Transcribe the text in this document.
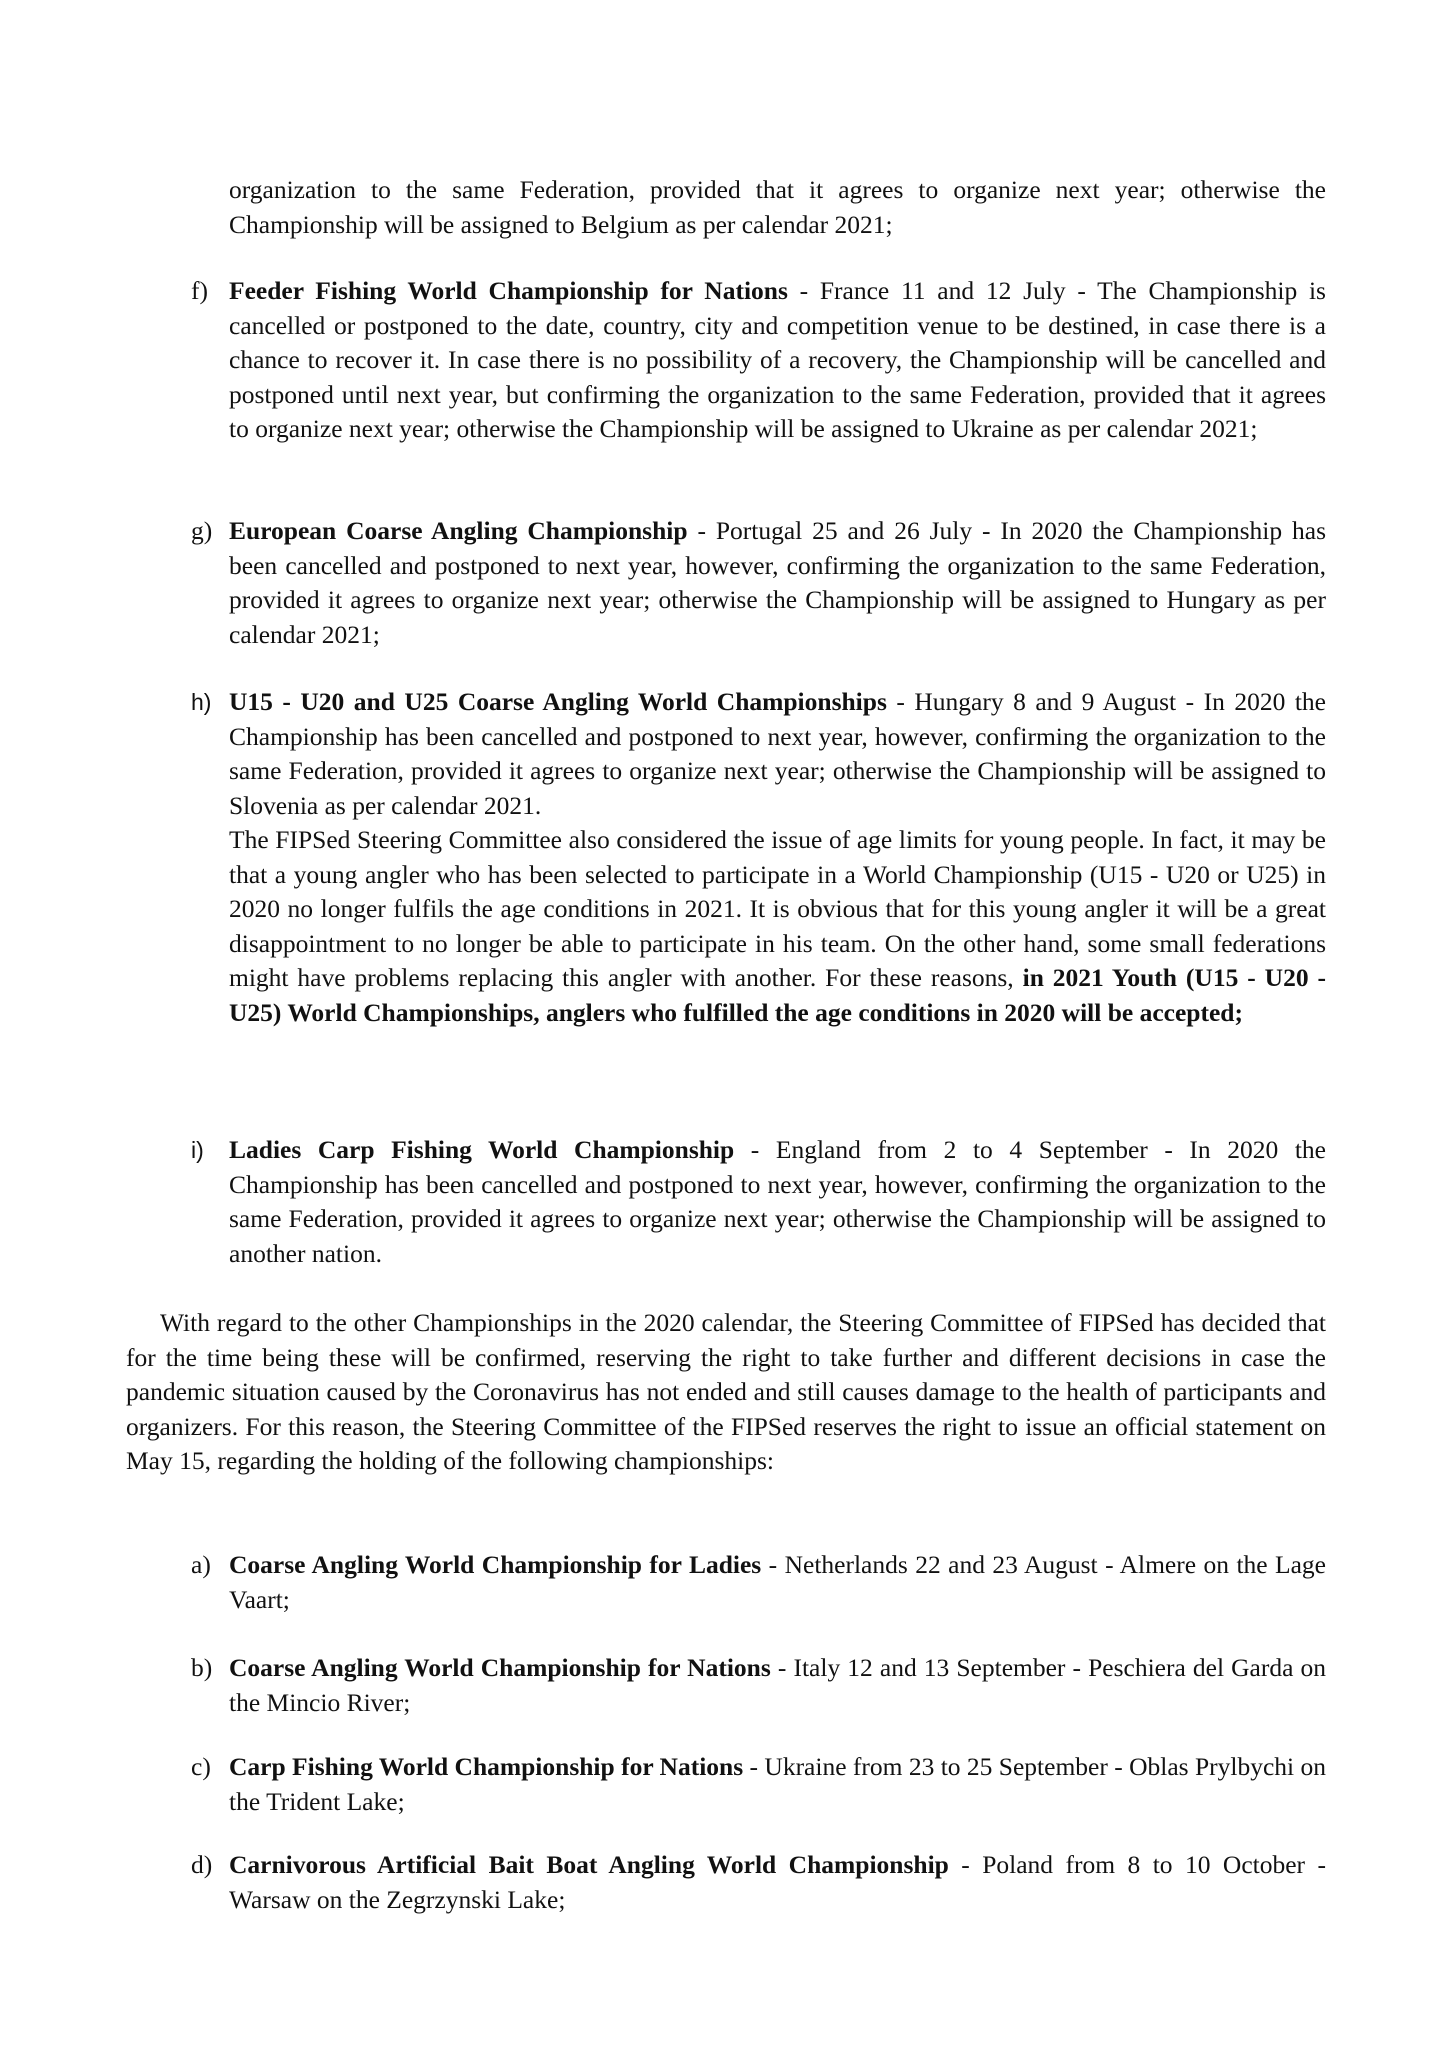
organization to the same Federation, provided that it agrees to organize next year; otherwise the Championship will be assigned to Belgium as per calendar 2021;

f) Feeder Fishing World Championship for Nations - France 11 and 12 July - The Championship is cancelled or postponed to the date, country, city and competition venue to be destined, in case there is a chance to recover it. In case there is no possibility of a recovery, the Championship will be cancelled and postponed until next year, but confirming the organization to the same Federation, provided that it agrees to organize next year; otherwise the Championship will be assigned to Ukraine as per calendar 2021;

g) European Coarse Angling Championship - Portugal 25 and 26 July - In 2020 the Championship has been cancelled and postponed to next year, however, confirming the organization to the same Federation, provided it agrees to organize next year; otherwise the Championship will be assigned to Hungary as per calendar 2021;

h) U15 - U20 and U25 Coarse Angling World Championships - Hungary 8 and 9 August - In 2020 the Championship has been cancelled and postponed to next year, however, confirming the organization to the same Federation, provided it agrees to organize next year; otherwise the Championship will be assigned to Slovenia as per calendar 2021.

The FIPSed Steering Committee also considered the issue of age limits for young people. In fact, it may be that a young angler who has been selected to participate in a World Championship (U15 - U20 or U25) in 2020 no longer fulfils the age conditions in 2021. It is obvious that for this young angler it will be a great disappointment to no longer be able to participate in his team. On the other hand, some small federations might have problems replacing this angler with another. For these reasons, in 2021 Youth (U15 - U20 - U25) World Championships, anglers who fulfilled the age conditions in 2020 will be accepted;

i) Ladies Carp Fishing World Championship - England from 2 to 4 September - In 2020 the Championship has been cancelled and postponed to next year, however, confirming the organization to the same Federation, provided it agrees to organize next year; otherwise the Championship will be assigned to another nation.

With regard to the other Championships in the 2020 calendar, the Steering Committee of FIPSed has decided that for the time being these will be confirmed, reserving the right to take further and different decisions in case the pandemic situation caused by the Coronavirus has not ended and still causes damage to the health of participants and organizers. For this reason, the Steering Committee of the FIPSed reserves the right to issue an official statement on May 15, regarding the holding of the following championships:

a) Coarse Angling World Championship for Ladies - Netherlands 22 and 23 August - Almere on the Lage Vaart;

b) Coarse Angling World Championship for Nations - Italy 12 and 13 September - Peschiera del Garda on the Mincio River;

c) Carp Fishing World Championship for Nations - Ukraine from 23 to 25 September - Oblas Prylbychi on the Trident Lake;

d) Carnivorous Artificial Bait Boat Angling World Championship - Poland from 8 to 10 October - Warsaw on the Zegrzynski Lake;
